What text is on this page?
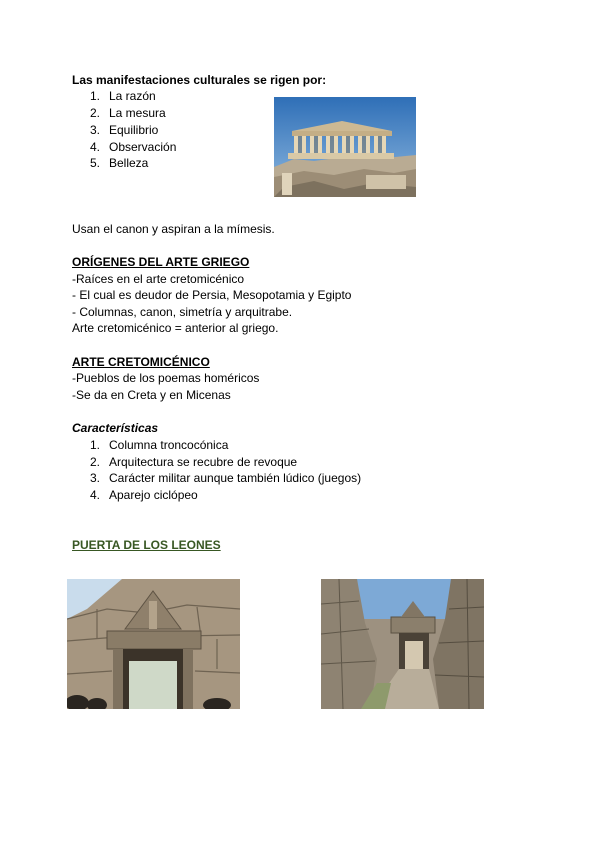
Las manifestaciones culturales se rigen por:
1. La razón
2. La mesura
3. Equilibrio
4. Observación
5. Belleza
Usan el canon y aspiran a la mímesis.
ORÍGENES DEL ARTE GRIEGO
-Raíces en el arte cretomicénico
- El cual es deudor de Persia, Mesopotamia y Egipto
- Columnas, canon, simetría y arquitrabe.
Arte cretomicénico = anterior al griego.
ARTE CRETOMICÉNICO
-Pueblos de los poemas homéricos
-Se da en Creta y en Micenas
Características
1. Columna troncocónica
2. Arquitectura se recubre de revoque
3. Carácter militar aunque también lúdico (juegos)
4. Aparejo ciclópeo
PUERTA DE LOS LEONES
